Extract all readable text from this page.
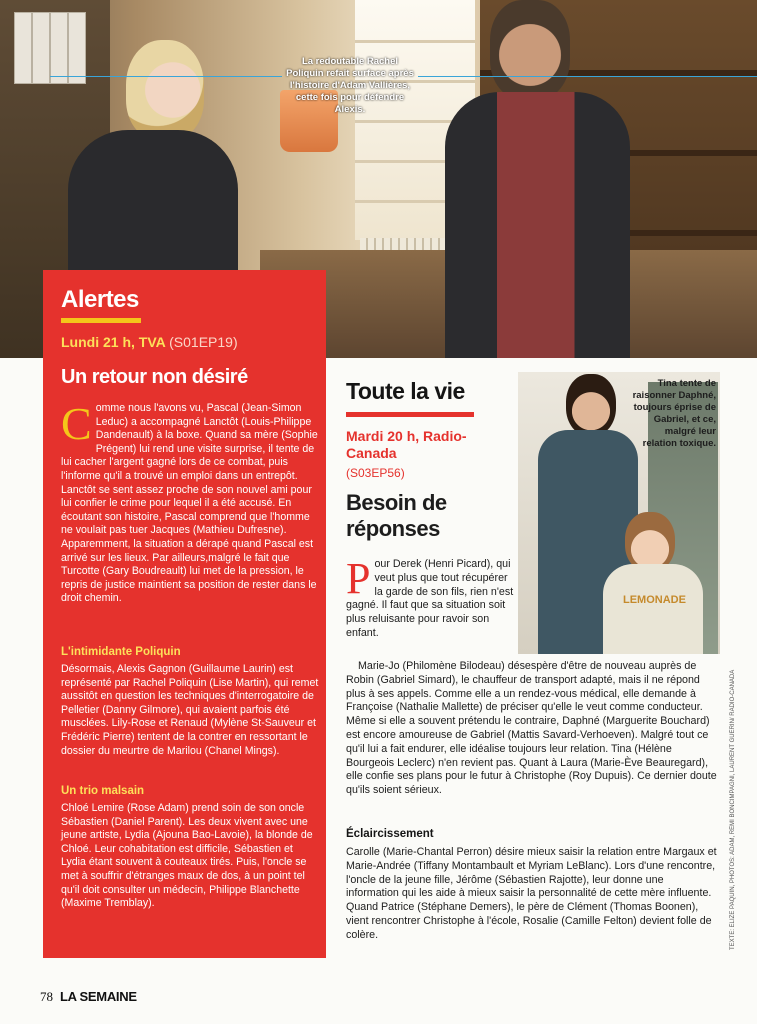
La redoutable Rachel Poliquin refait surface après l'histoire d'Adam Vallières, cette fois pour défendre Alexis.
Alertes
Lundi 21 h, TVA (S01EP19)
Un retour non désiré
Comme nous l'avons vu, Pascal (Jean-Simon Leduc) a accompagné Lanctôt (Louis-Philippe Dandenault) à la boxe. Quand sa mère (Sophie Prégent) lui rend une visite surprise, il tente de lui cacher l'argent gagné lors de ce combat, puis l'informe qu'il a trouvé un emploi dans un entrepôt. Lanctôt se sent assez proche de son nouvel ami pour lui confier le crime pour lequel il a été accusé. En écoutant son histoire, Pascal comprend que l'homme ne voulait pas tuer Jacques (Mathieu Dufresne). Apparemment, la situation a dérapé quand Pascal est arrivé sur les lieux. Par ailleurs,malgré le fait que Turcotte (Gary Boudreault) lui met de la pression, le repris de justice maintient sa position de rester dans le droit chemin.
L'intimidante Poliquin
Désormais, Alexis Gagnon (Guillaume Laurin) est représenté par Rachel Poliquin (Lise Martin), qui remet aussitôt en question les techniques d'interrogatoire de Pelletier (Danny Gilmore), qui avaient parfois été musclées. Lily-Rose et Renaud (Mylène St-Sauveur et Frédéric Pierre) tentent de la contrer en ressortant le dossier du meurtre de Marilou (Chanel Mings).
Un trio malsain
Chloé Lemire (Rose Adam) prend soin de son oncle Sébastien (Daniel Parent). Les deux vivent avec une jeune artiste, Lydia (Ajouna Bao-Lavoie), la blonde de Chloé. Leur cohabitation est difficile, Sébastien et Lydia étant souvent à couteaux tirés. Puis, l'oncle se met à souffrir d'étranges maux de dos, à un point tel qu'il doit consulter un médecin, Philippe Blanchette (Maxime Tremblay).
Toute la vie
Mardi 20 h, Radio-Canada
(S03EP56)
Besoin de réponses
LEMONADE
Tina tente de raisonner Daphné, toujours éprise de Gabriel, et ce, malgré leur relation toxique.
Pour Derek (Henri Picard), qui veut plus que tout récupérer la garde de son fils, rien n'est gagné. Il faut que sa situation soit plus reluisante pour ravoir son enfant.
Marie-Jo (Philomène Bilodeau) désespère d'être de nouveau auprès de Robin (Gabriel Simard), le chauffeur de transport adapté, mais il ne répond plus à ses appels. Comme elle a un rendez-vous médical, elle demande à Françoise (Nathalie Mallette) de préciser qu'elle le veut comme conducteur. Même si elle a souvent prétendu le contraire, Daphné (Marguerite Bouchard) est encore amoureuse de Gabriel (Mattis Savard-Verhoeven). Malgré tout ce qu'il lui a fait endurer, elle idéalise toujours leur relation. Tina (Hélène Bourgeois Leclerc) n'en revient pas. Quant à Laura (Marie-Ève Beauregard), elle confie ses plans pour le futur à Christophe (Roy Dupuis). Ce dernier doute qu'ils soient sérieux.
Éclaircissement
Carolle (Marie-Chantal Perron) désire mieux saisir la relation entre Margaux et Marie-Andrée (Tiffany Montambault et Myriam LeBlanc). Lors d'une rencontre, l'oncle de la jeune fille, Jérôme (Sébastien Rajotte), leur donne une information qui les aide à mieux saisir la personnalité de cette mère influente. Quand Patrice (Stéphane Demers), le père de Clément (Thomas Boonen), vient rencontrer Christophe à l'école, Rosalie (Camille Felton) devient folle de colère.	TEXTE: ÉLIZE PAQUIN, PHOTOS: ADAM, RÉMI BONCIMPAGNI, LAURENT GUÉRIN/ RADIO-CANADA
78 LA SEMAINE
